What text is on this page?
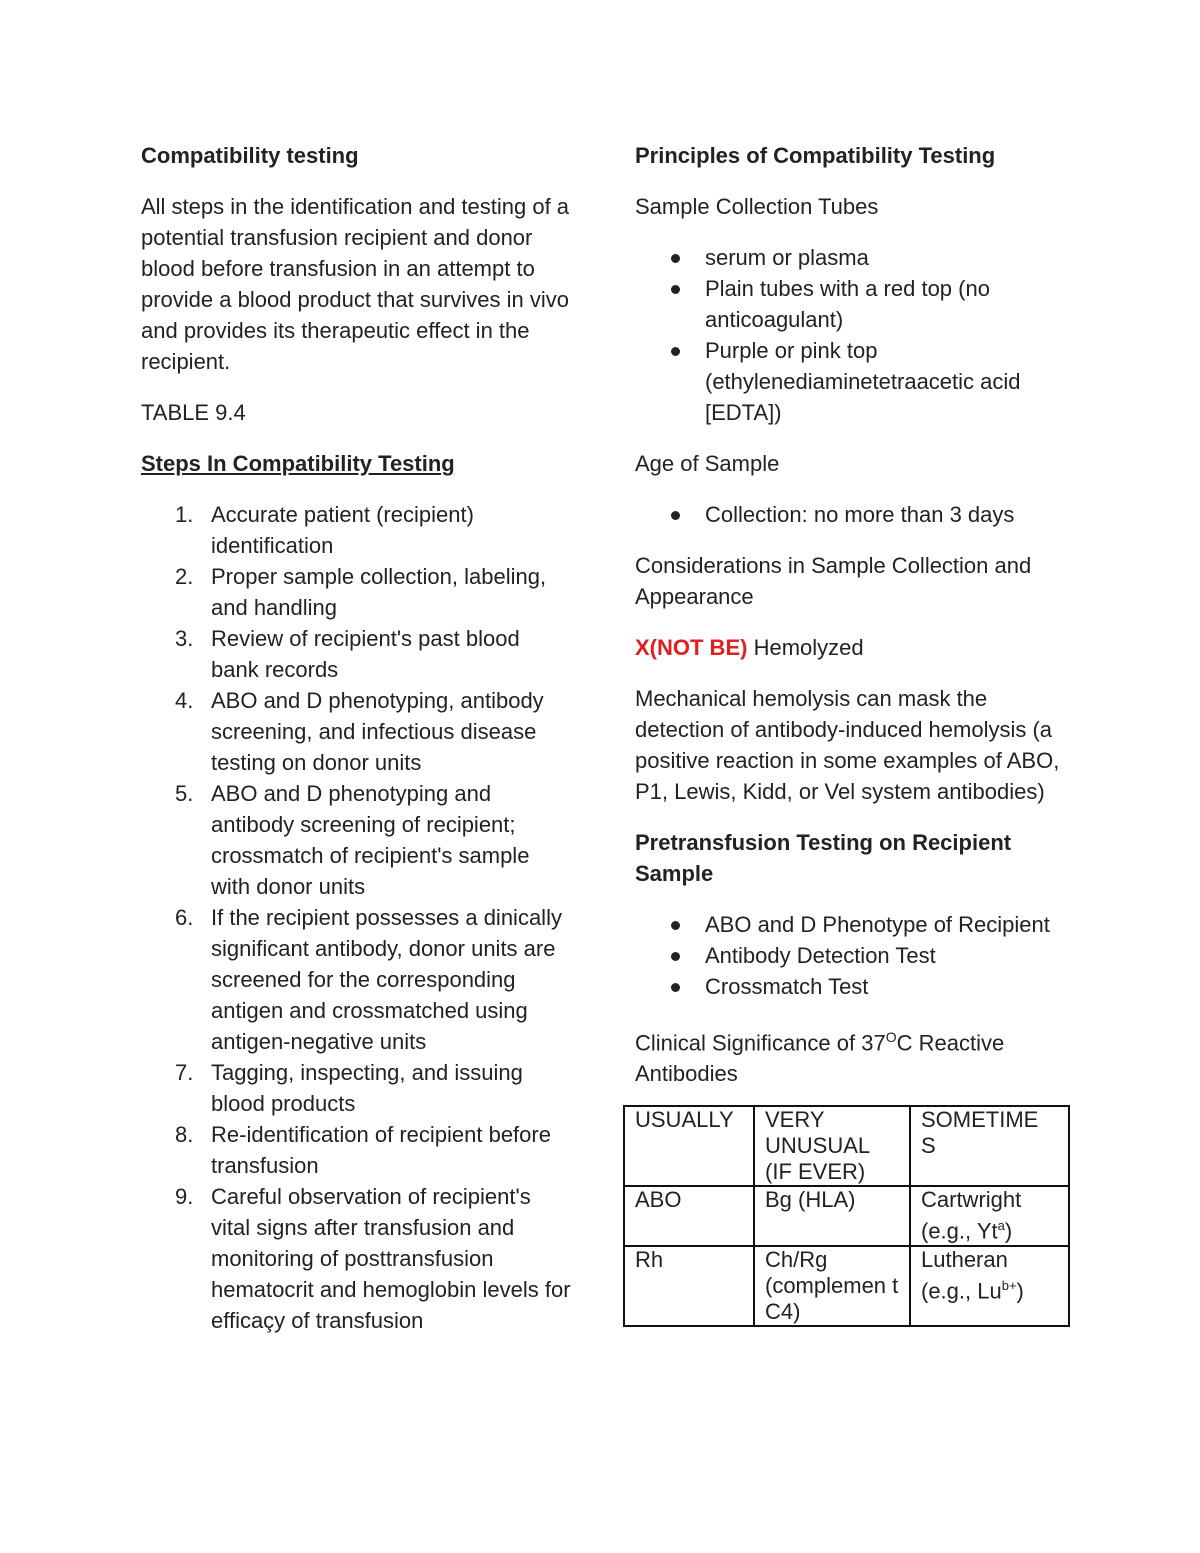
Compatibility testing

All steps in the identification and testing of a potential transfusion recipient and donor blood before transfusion in an attempt to provide a blood product that survives in vivo and provides its therapeutic effect in the recipient.

TABLE 9.4

Steps In Compatibility Testing
1. Accurate patient (recipient) identification
2. Proper sample collection, labeling, and handling
3. Review of recipient's past blood bank records
4. ABO and D phenotyping, antibody screening, and infectious disease testing on donor units
5. ABO and D phenotyping and antibody screening of recipient; crossmatch of recipient's sample with donor units
6. If the recipient possesses a dinically significant antibody, donor units are screened for the corresponding antigen and crossmatched using antigen-negative units
7. Tagging, inspecting, and issuing blood products
8. Re-identification of recipient before transfusion
9. Careful observation of recipient's vital signs after transfusion and monitoring of posttransfusion hematocrit and hemoglobin levels for efficaçy of transfusion
Principles of Compatibility Testing

Sample Collection Tubes

serum or plasma
Plain tubes with a red top (no anticoagulant)
Purple or pink top (ethylenediaminetetraacetic acid [EDTA])

Age of Sample

Collection: no more than 3 days

Considerations in Sample Collection and Appearance

X(NOT BE) Hemolyzed

Mechanical hemolysis can mask the detection of antibody-induced hemolysis (a positive reaction in some examples of ABO, P1, Lewis, Kidd, or Vel system antibodies)

Pretransfusion Testing on Recipient Sample
ABO and D Phenotype of Recipient
Antibody Detection Test
Crossmatch Test

Clinical Significance of $37^OC$ Reactive Antibodies

USUALLY	VERY UNUSUAL (IF EVER)	SOMETIME S
ABO	Bg (HLA)	Cartwright (e.g., Yt$^a$)
Rh	Ch/Rg (complemen t C4)	Lutheran (e.g., $Lu^{b+}$)
